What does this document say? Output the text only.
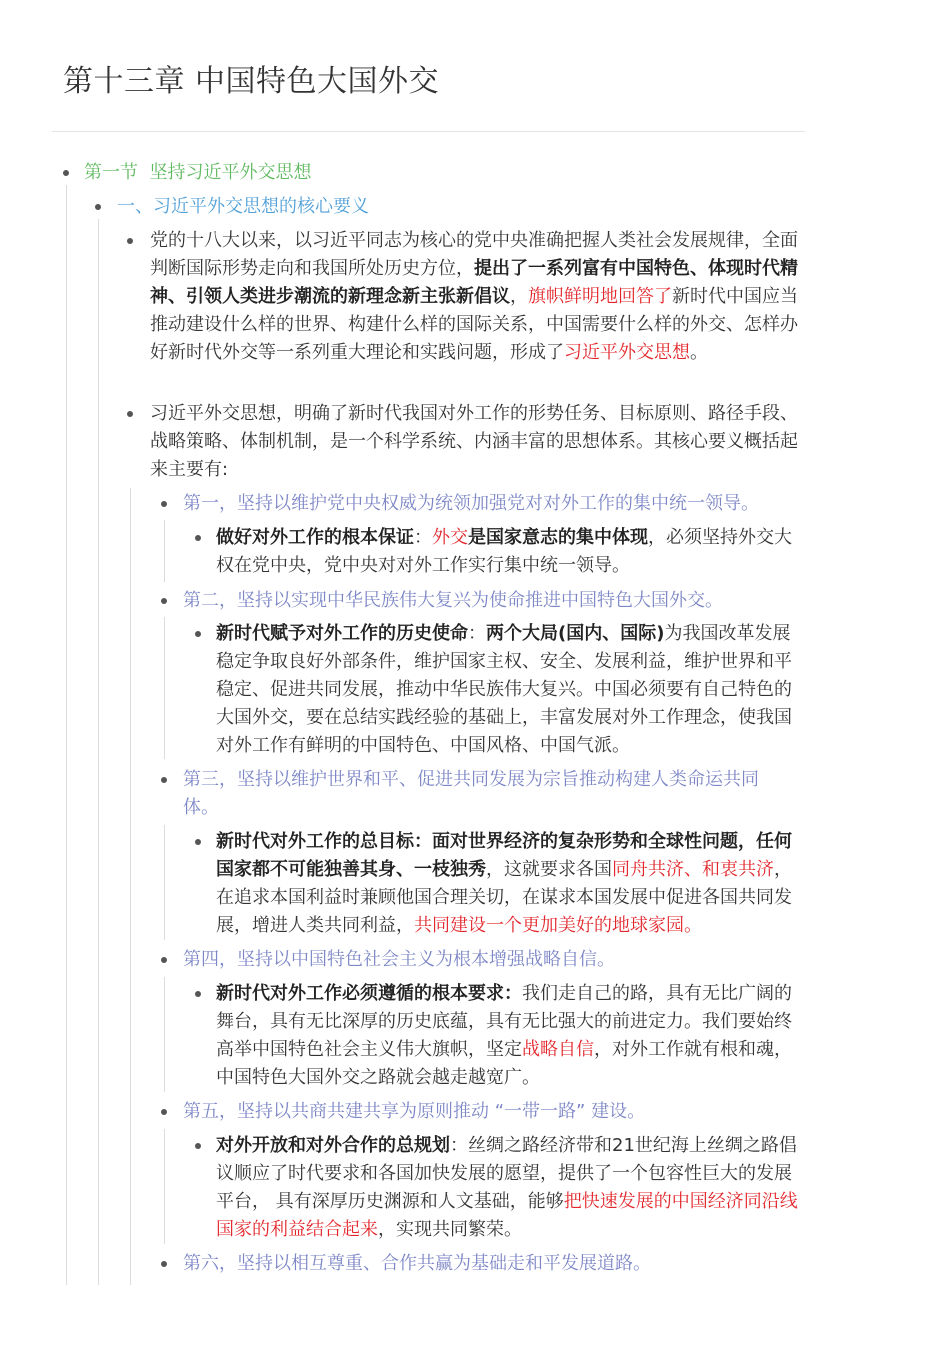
第十三章 中国特色大国外交
第一节  坚持习近平外交思想
一、习近平外交思想的核心要义
党的十八大以来，以习近平同志为核心的党中央准确把握人类社会发展规律，全面判断国际形势走向和我国所处历史方位，提出了一系列富有中国特色、体现时代精神、引领人类进步潮流的新理念新主张新倡议，旗帜鲜明地回答了新时代中国应当推动建设什么样的世界、构建什么样的国际关系，中国需要什么样的外交、怎样办好新时代外交等一系列重大理论和实践问题，形成了习近平外交思想。
习近平外交思想，明确了新时代我国对外工作的形势任务、目标原则、路径手段、战略策略、体制机制，是一个科学系统、内涵丰富的思想体系。其核心要义概括起来主要有:
第一，坚持以维护党中央权威为统领加强党对对外工作的集中统一领导。
做好对外工作的根本保证：外交是国家意志的集中体现，必须坚持外交大权在党中央，党中央对对外工作实行集中统一领导。
第二，坚持以实现中华民族伟大复兴为使命推进中国特色大国外交。
新时代赋予对外工作的历史使命：两个大局(国内、国际)为我国改革发展稳定争取良好外部条件，维护国家主权、安全、发展利益，维护世界和平稳定、促进共同发展，推动中华民族伟大复兴。中国必须要有自己特色的大国外交，要在总结实践经验的基础上，丰富发展对外工作理念，使我国对外工作有鲜明的中国特色、中国风格、中国气派。
第三，坚持以维护世界和平、促进共同发展为宗旨推动构建人类命运共同体。
新时代对外工作的总目标：面对世界经济的复杂形势和全球性问题，任何国家都不可能独善其身、一枝独秀，这就要求各国同舟共济、和衷共济，在追求本国利益时兼顾他国合理关切，在谋求本国发展中促进各国共同发展，增进人类共同利益，共同建设一个更加美好的地球家园。
第四，坚持以中国特色社会主义为根本增强战略自信。
新时代对外工作必须遵循的根本要求：我们走自己的路，具有无比广阔的舞台，具有无比深厚的历史底蕴，具有无比强大的前进定力。我们要始终高举中国特色社会主义伟大旗帜，坚定战略自信，对外工作就有根和魂，中国特色大国外交之路就会越走越宽广。
第五，坚持以共商共建共享为原则推动 “一带一路” 建设。
对外开放和对外合作的总规划：丝绸之路经济带和21世纪海上丝绸之路倡议顺应了时代要求和各国加快发展的愿望，提供了一个包容性巨大的发展平台， 具有深厚历史渊源和人文基础，能够把快速发展的中国经济同沿线国家的利益结合起来，实现共同繁荣。
第六，坚持以相互尊重、合作共赢为基础走和平发展道路。
